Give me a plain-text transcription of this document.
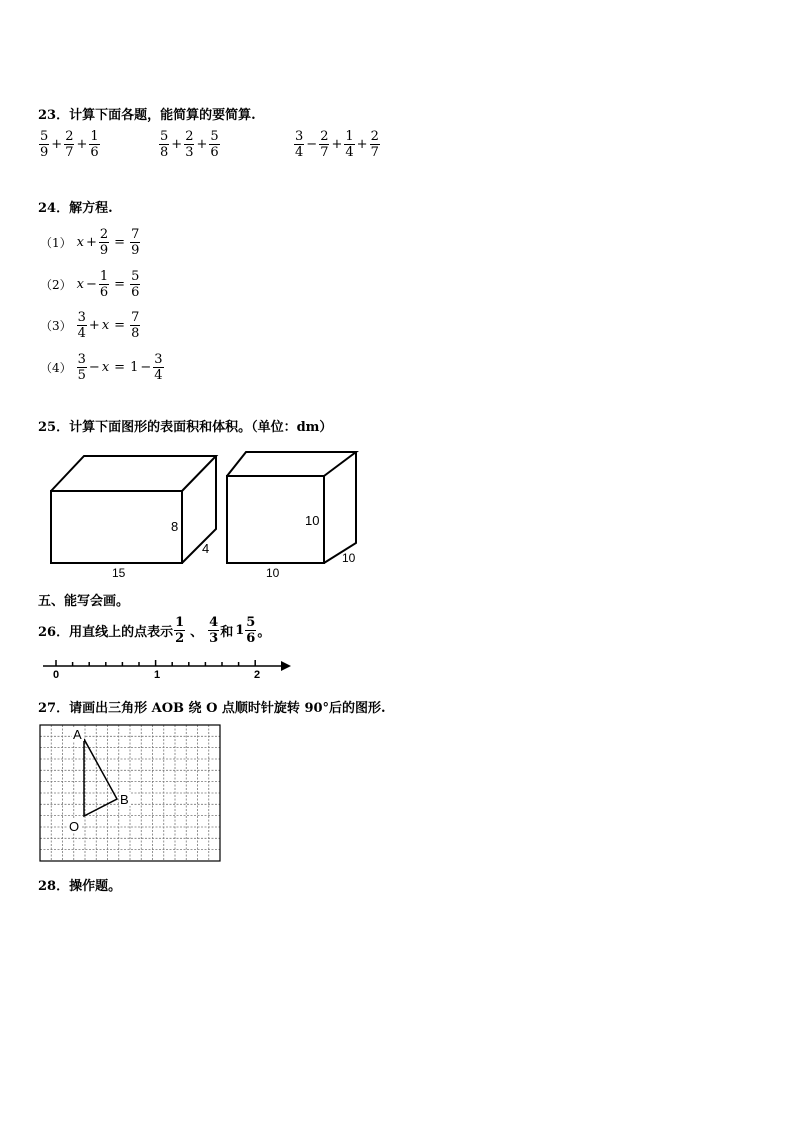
23．计算下面各题，能简算的要简算.
$\frac{5}{9} + \frac{2}{7} + \frac{1}{6}$	$\frac{5}{8} + \frac{2}{3} + \frac{5}{6}$	$\frac{3}{4} - \frac{2}{7} + \frac{1}{4} + \frac{2}{7}$
24．解方程.
（1） $x + \frac{2}{9} = \frac{7}{9}$
（2） $x - \frac{1}{6} = \frac{5}{6}$
$(3) \frac{3}{4} + x = \frac{7}{8}$
$(4) \frac{3}{5} - x = 1 - \frac{3}{4}$
25．计算下面图形的表面积和体积。（单位：dm）
8
4
15
10
10
10
五、能写会画。
26．用直线上的点表示 $\frac{1}{2}$ 、 $\frac{4}{3}$ 和 $1 \frac{5}{6}$ 。
0	1	2
27．请画出三角形 AOB 绕 O 点顺时针旋转 90°后的图形.
A
B
O
28．操作题。
